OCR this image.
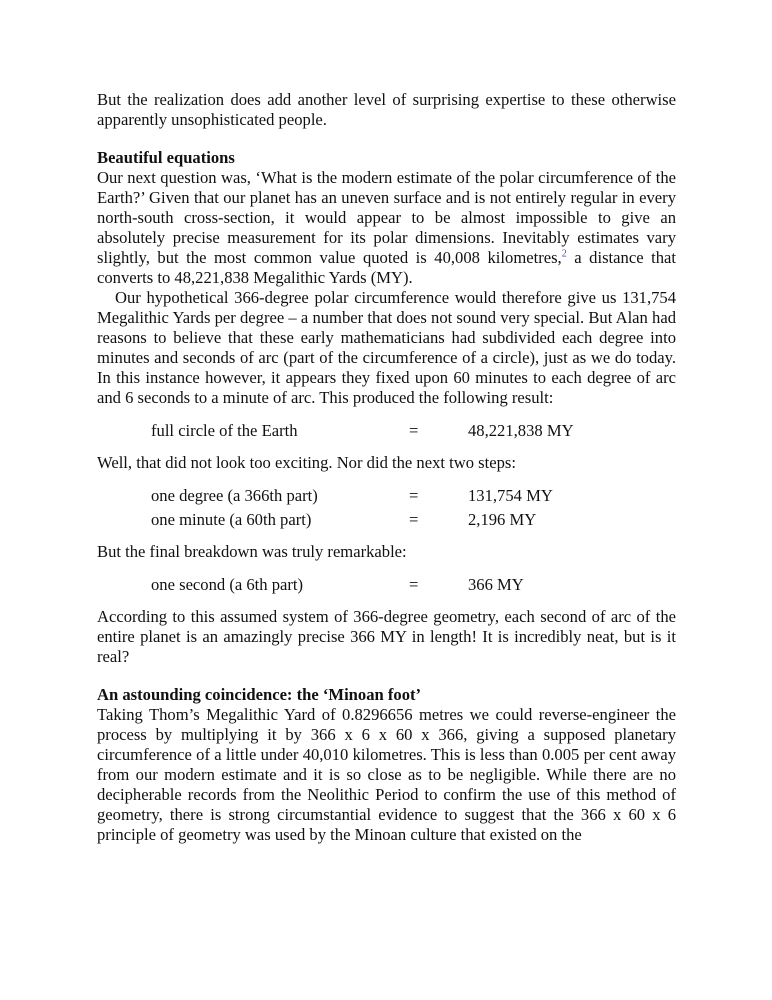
But the realization does add another level of surprising expertise to these otherwise apparently unsophisticated people.

Beautiful equations

Our next question was, ‘What is the modern estimate of the polar circumference of the Earth?’ Given that our planet has an uneven surface and is not entirely regular in every north-south cross-section, it would appear to be almost impossible to give an absolutely precise measurement for its polar dimensions. Inevitably estimates vary slightly, but the most common value quoted is 40,008 kilometres,$^2$ a distance that converts to 48,221,838 Megalithic Yards (MY).

Our hypothetical 366-degree polar circumference would therefore give us 131,754 Megalithic Yards per degree – a number that does not sound very special. But Alan had reasons to believe that these early mathematicians had subdivided each degree into minutes and seconds of arc (part of the circumference of a circle), just as we do today. In this instance however, it appears they fixed upon 60 minutes to each degree of arc and 6 seconds to a minute of arc. This produced the following result:

full circle of the Earth	=	48,221,838 MY

Well, that did not look too exciting. Nor did the next two steps:

one degree (a 366th part)	=	131,754 MY
one minute (a 60th part)	=	2,196 MY

But the final breakdown was truly remarkable:

one second (a 6th part)	=	366 MY

According to this assumed system of 366-degree geometry, each second of arc of the entire planet is an amazingly precise 366 MY in length! It is incredibly neat, but is it real?

An astounding coincidence: the ‘Minoan foot’

Taking Thom’s Megalithic Yard of 0.8296656 metres we could reverse-engineer the process by multiplying it by 366 x 6 x 60 x 366, giving a supposed planetary circumference of a little under 40,010 kilometres. This is less than 0.005 per cent away from our modern estimate and it is so close as to be negligible. While there are no decipherable records from the Neolithic Period to confirm the use of this method of geometry, there is strong circumstantial evidence to suggest that the 366 x 60 x 6 principle of geometry was used by the Minoan culture that existed on the
